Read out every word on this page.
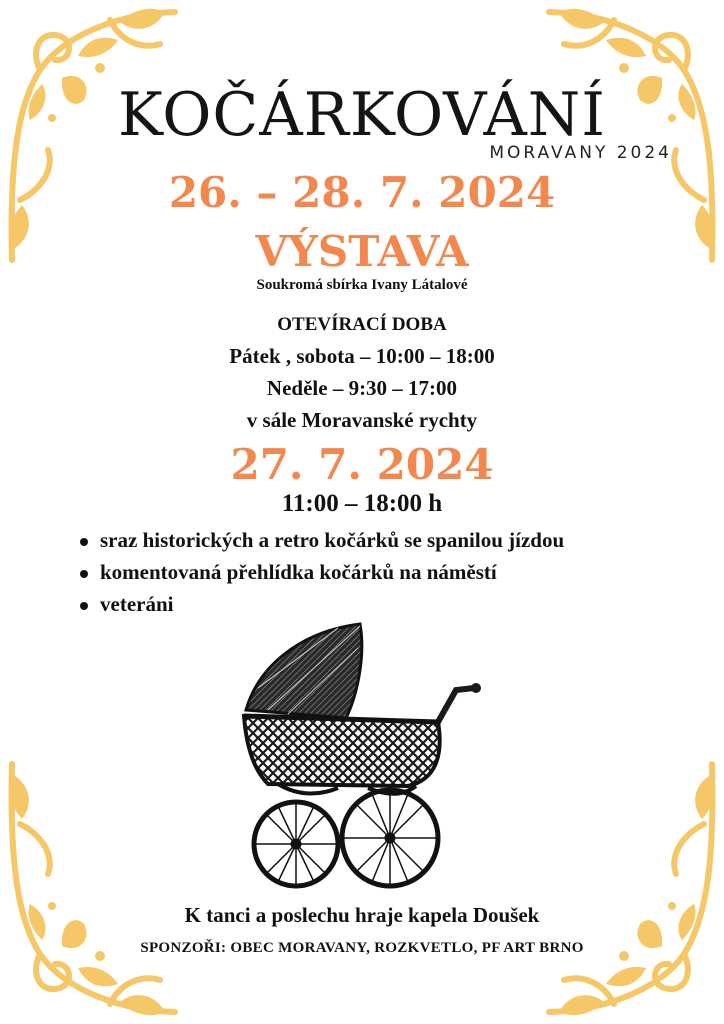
KOČÁRKOVÁNÍ
MORAVANY 2024
26. – 28. 7. 2024
VÝSTAVA
Soukromá sbírka Ivany Látalové
OTEVÍRACÍ DOBA
Pátek , sobota – 10:00 – 18:00
Neděle – 9:30 – 17:00
v sále Moravanské rychty
27. 7. 2024
11:00 – 18:00 h
sraz historických a retro kočárků se spanilou jízdou
komentovaná přehlídka kočárků na náměstí
veteráni
K tanci a poslechu hraje kapela Doušek
SPONZOŘI: OBEC MORAVANY, ROZKVETLO, PF ART BRNO
